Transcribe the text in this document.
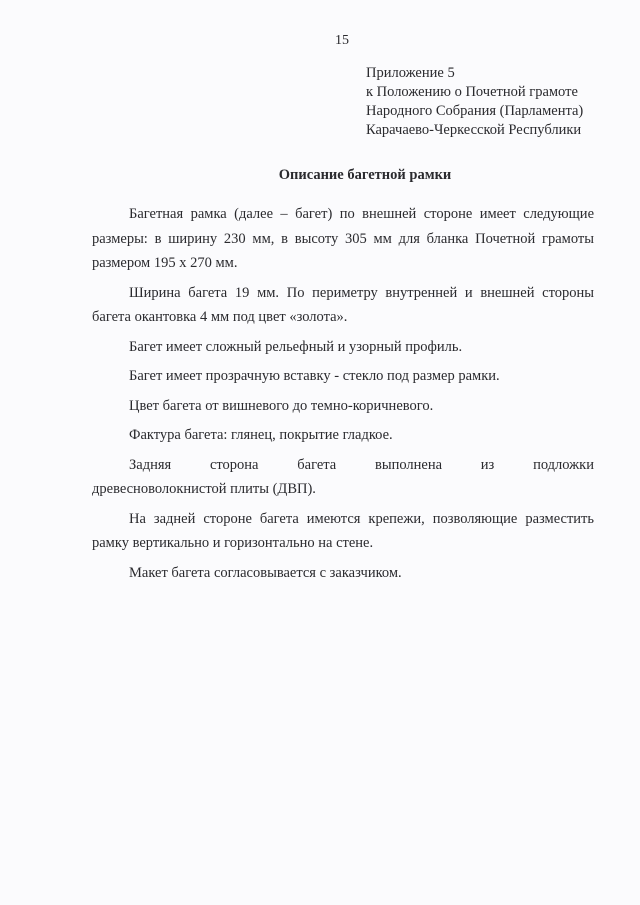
15
Приложение 5
к Положению о Почетной грамоте
Народного Собрания (Парламента)
Карачаево-Черкесской Республики
Описание багетной рамки

Багетная рамка (далее – багет) по внешней стороне имеет следующие размеры: в ширину 230 мм, в высоту 305 мм для бланка Почетной грамоты размером 195 х 270 мм.

Ширина багета 19 мм. По периметру внутренней и внешней стороны багета окантовка 4 мм под цвет «золота».

Багет имеет сложный рельефный и узорный профиль.

Багет имеет прозрачную вставку - стекло под размер рамки.

Цвет багета от вишневого до темно-коричневого.

Фактура багета: глянец, покрытие гладкое.

Задняя	сторона	багета	выполнена	из	подложки
древесноволокнистой плиты (ДВП).

На задней стороне багета имеются крепежи, позволяющие разместить рамку вертикально и горизонтально на стене.

Макет багета согласовывается с заказчиком.
